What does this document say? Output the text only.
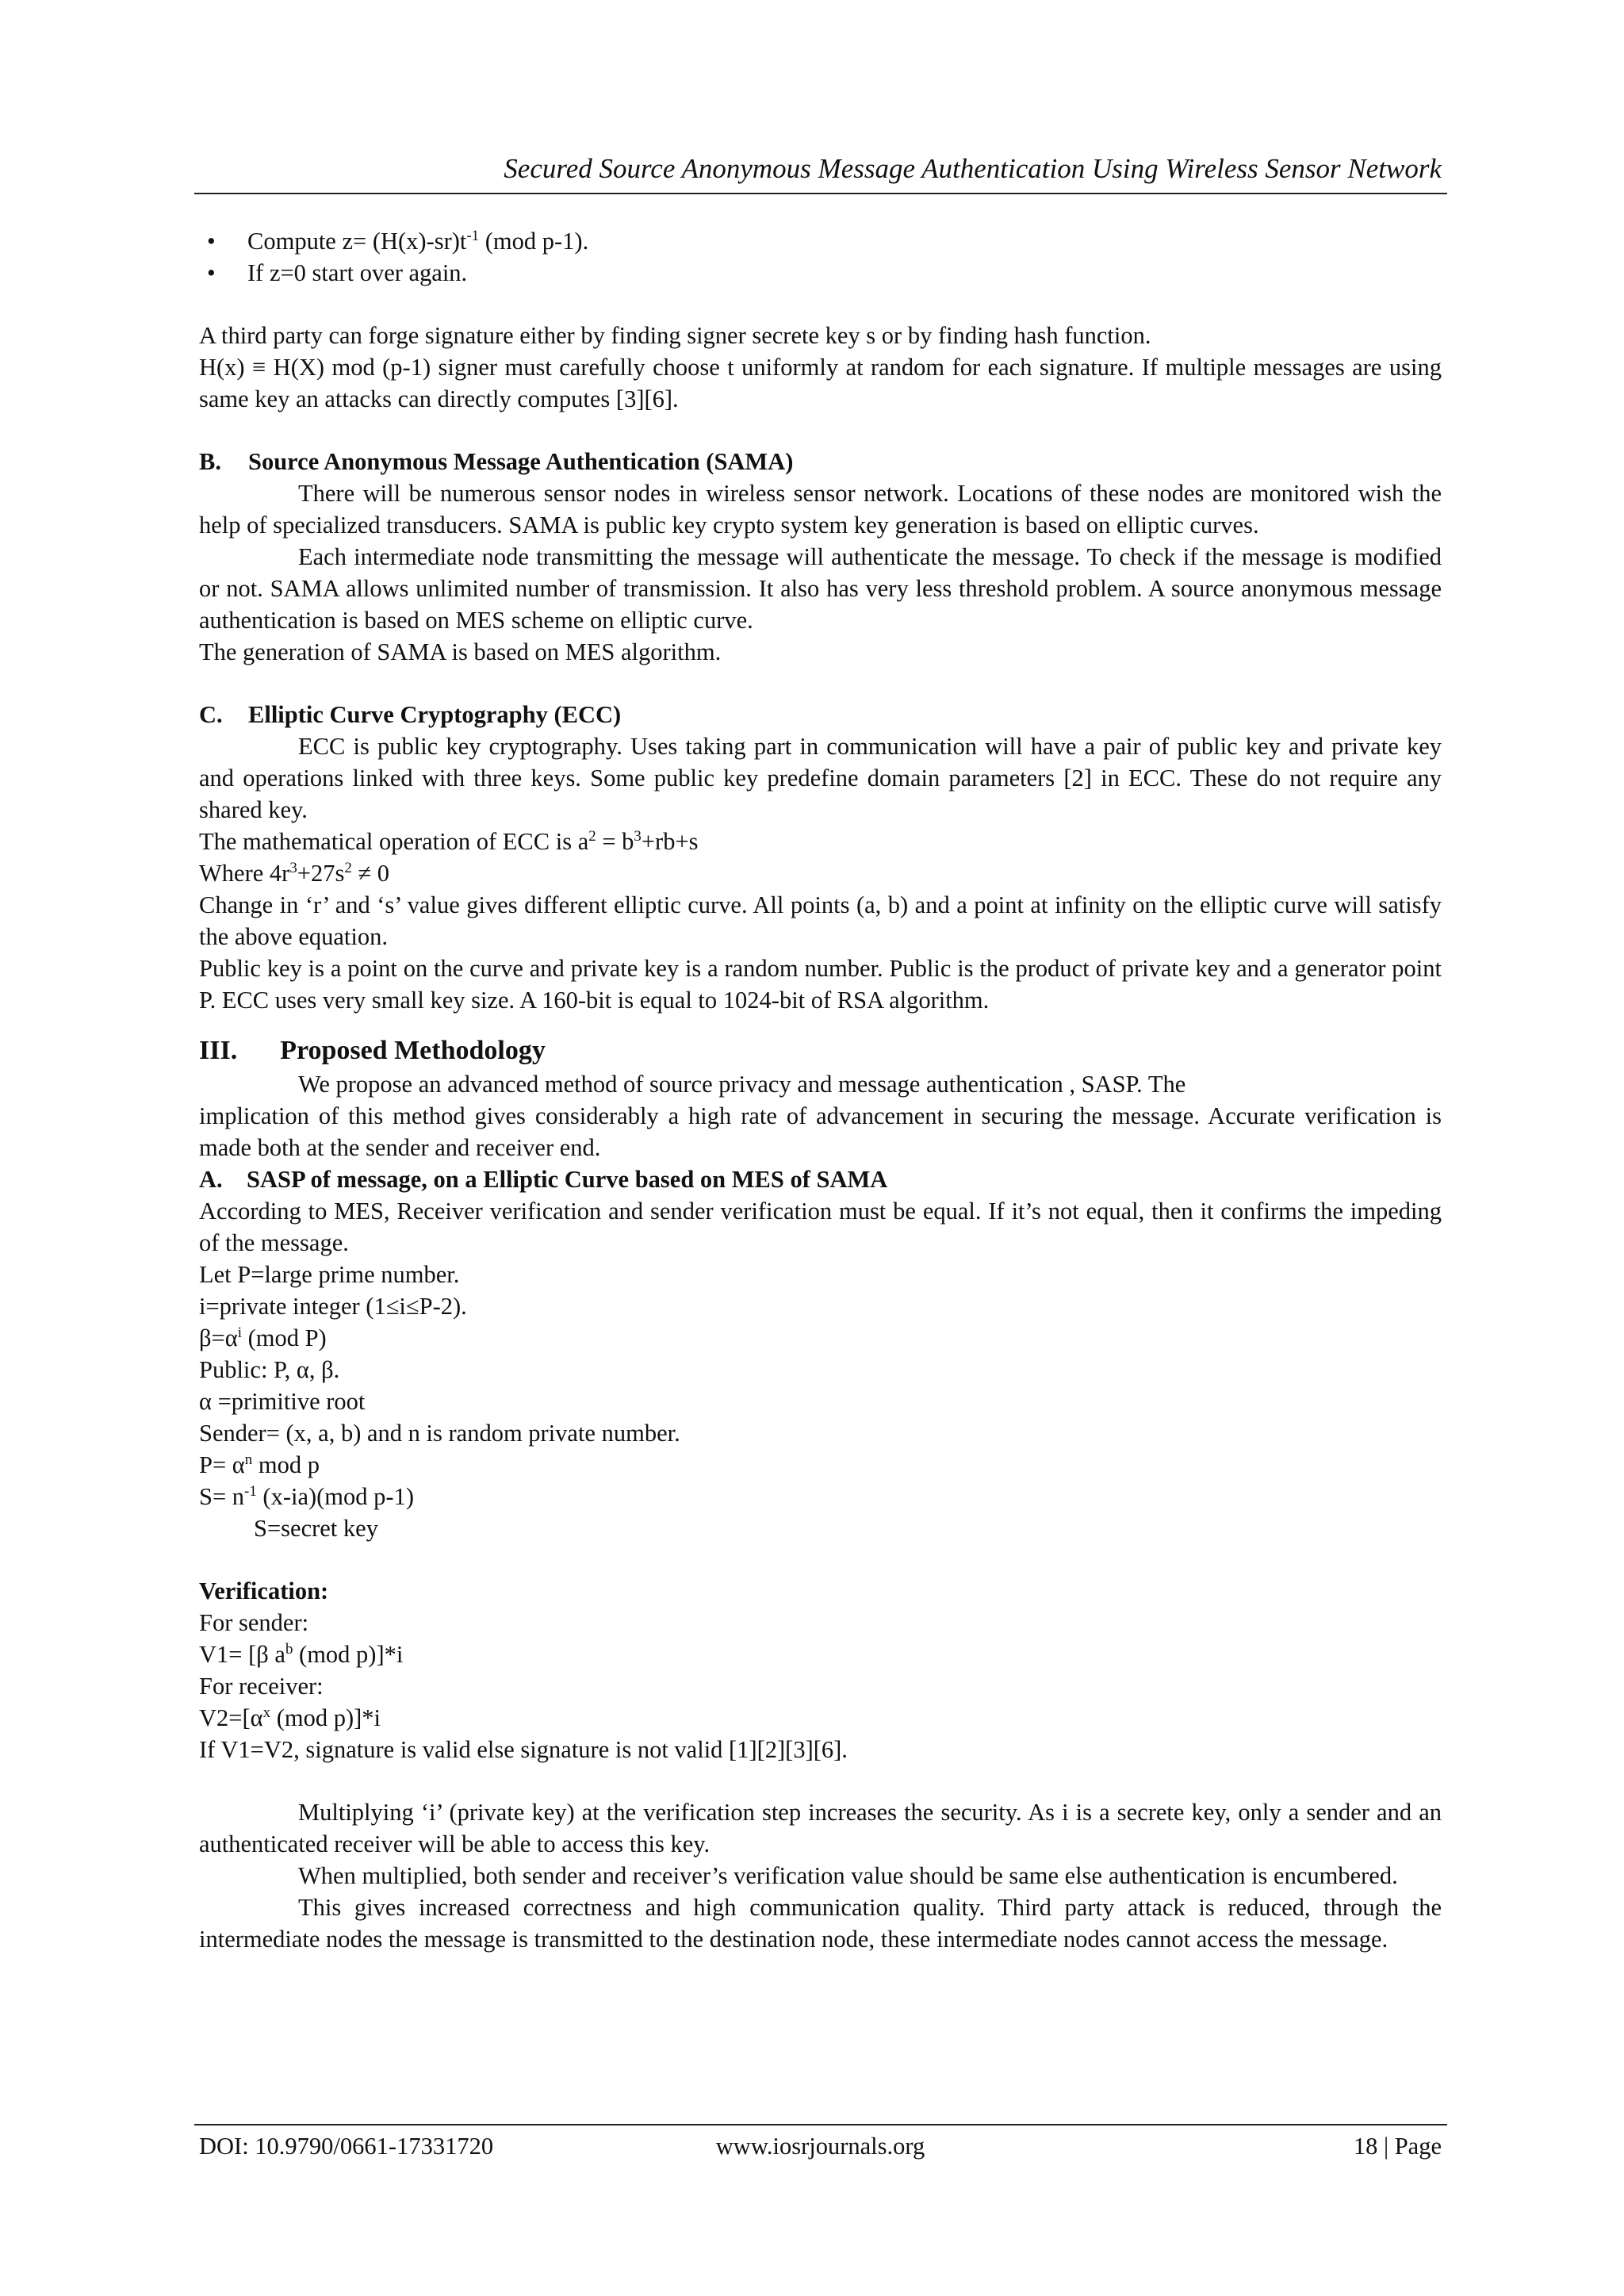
Secured Source Anonymous Message Authentication Using Wireless Sensor Network
• Compute $z= (H(x)-sr)t^{-1}$ (mod p-1).
• If z=0 start over again.

A third party can forge signature either by finding signer secrete key s or by finding hash function.

H(x) ≡ H(X) mod (p-1) signer must carefully choose t uniformly at random for each signature. If multiple messages are using same key an attacks can directly computes [3][6].

B. Source Anonymous Message Authentication (SAMA)

There will be numerous sensor nodes in wireless sensor network. Locations of these nodes are monitored wish the help of specialized transducers. SAMA is public key crypto system key generation is based on elliptic curves.

Each intermediate node transmitting the message will authenticate the message. To check if the message is modified or not. SAMA allows unlimited number of transmission. It also has very less threshold problem. A source anonymous message authentication is based on MES scheme on elliptic curve.

The generation of SAMA is based on MES algorithm.

C. Elliptic Curve Cryptography (ECC)

ECC is public key cryptography. Uses taking part in communication will have a pair of public key and private key and operations linked with three keys. Some public key predefine domain parameters [2] in ECC. These do not require any shared key.

The mathematical operation of ECC is $a^2 = b^3+rb+s$

Where $4r^3+27s^2 \ne 0$

Change in ‘r’ and ‘s’ value gives different elliptic curve. All points (a, b) and a point at infinity on the elliptic curve will satisfy the above equation.

Public key is a point on the curve and private key is a random number. Public is the product of private key and a generator point P. ECC uses very small key size. A 160-bit is equal to 1024-bit of RSA algorithm.

III. Proposed Methodology

We propose an advanced method of source privacy and message authentication , SASP. The

implication of this method gives considerably a high rate of advancement in securing the message. Accurate verification is made both at the sender and receiver end.

A. SASP of message, on a Elliptic Curve based on MES of SAMA

According to MES, Receiver verification and sender verification must be equal. If it’s not equal, then it confirms the impeding of the message.

Let P=large prime number.

i=private integer (1≤i≤P-2).

$\beta=\alpha^i$ (mod P)

Public: P, α, β.

α =primitive root

Sender= (x, a, b) and n is random private number.

$P= \alpha^n$ mod p

$S= n^{-1}$ (x-ia)(mod p-1)

S=secret key

Verification:

For sender:

V1= [β $a^b$ (mod p)]*i

For receiver:

$V2=[\alpha^x$ (mod p)]*i

If V1=V2, signature is valid else signature is not valid [1][2][3][6].

Multiplying ‘i’ (private key) at the verification step increases the security. As i is a secrete key, only a sender and an authenticated receiver will be able to access this key.

When multiplied, both sender and receiver’s verification value should be same else authentication is encumbered.

This gives increased correctness and high communication quality. Third party attack is reduced, through the intermediate nodes the message is transmitted to the destination node, these intermediate nodes cannot access the message.

DOI: 10.9790/0661-17331720	www.iosrjournals.org	18 | Page
